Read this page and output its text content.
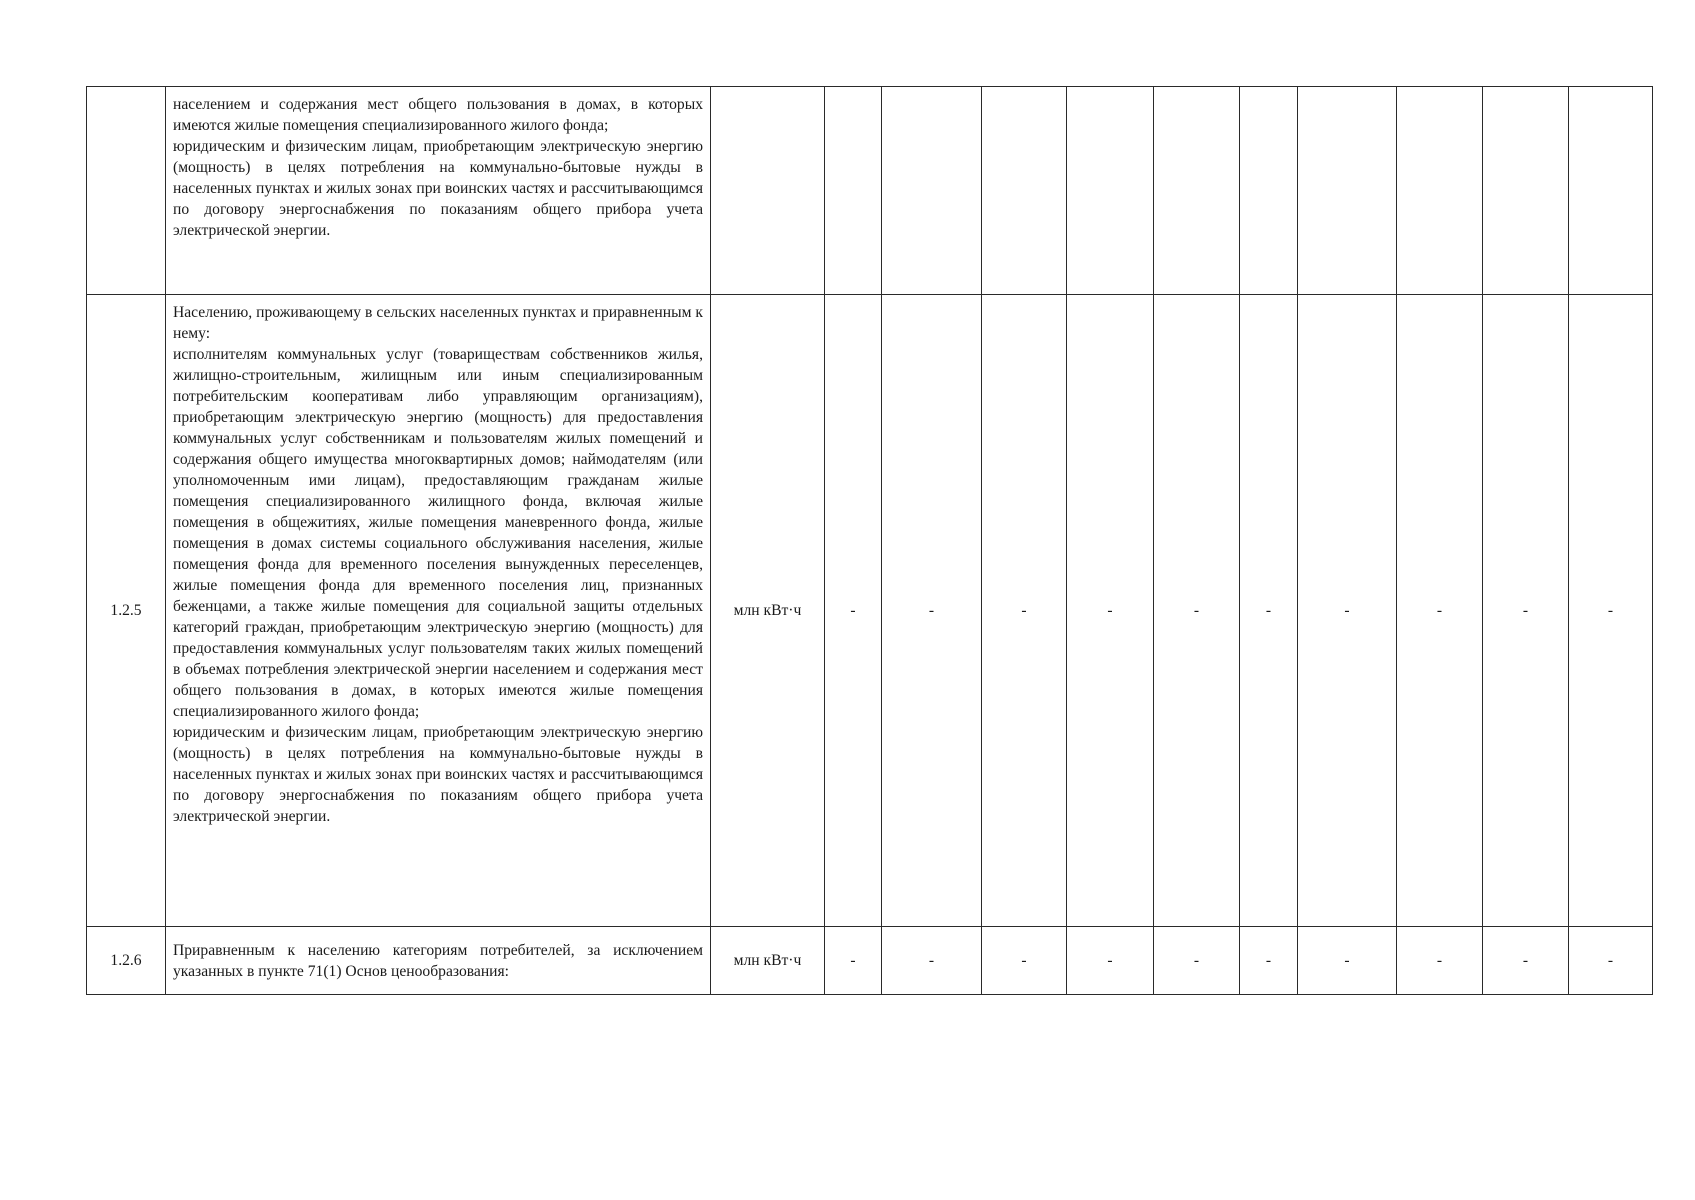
	населением и содержания мест общего пользования в домах, в которых имеются жилые помещения специализированного жилого фонда;
юридическим и физическим лицам, приобретающим электрическую энергию (мощность) в целях потребления на коммунально-бытовые нужды в населенных пунктах и жилых зонах при воинских частях и рассчитывающимся по договору энергоснабжения по показаниям общего прибора учета электрической энергии.											

1.2.5	Населению, проживающему в сельских населенных пунктах и приравненным к нему:
исполнителям коммунальных услуг (товариществам собственников жилья, жилищно-строительным, жилищным или иным специализированным потребительским кооперативам либо управляющим организациям), приобретающим электрическую энергию (мощность) для предоставления коммунальных услуг собственникам и пользователям жилых помещений и содержания общего имущества многоквартирных домов; наймодателям (или уполномоченным ими лицам), предоставляющим гражданам жилые помещения специализированного жилищного фонда, включая жилые помещения в общежитиях, жилые помещения маневренного фонда, жилые помещения в домах системы социального обслуживания населения, жилые помещения фонда для временного поселения вынужденных переселенцев, жилые помещения фонда для временного поселения лиц, признанных беженцами, а также жилые помещения для социальной защиты отдельных категорий граждан, приобретающим электрическую энергию (мощность) для предоставления коммунальных услуг пользователям таких жилых помещений в объемах потребления электрической энергии населением и содержания мест общего пользования в домах, в которых имеются жилые помещения специализированного жилого фонда;
юридическим и физическим лицам, приобретающим электрическую энергию (мощность) в целях потребления на коммунально-бытовые нужды в населенных пунктах и жилых зонах при воинских частях и рассчитывающимся по договору энергоснабжения по показаниям общего прибора учета электрической энергии.	млн кВт·ч	-	-	-	-	-	-	-	-	-	-
1.2.6	Приравненным к населению категориям потребителей, за исключением указанных в пункте 71(1) Основ ценообразования:	млн кВт·ч	-	-	-	-	-	-	-	-	-	-
